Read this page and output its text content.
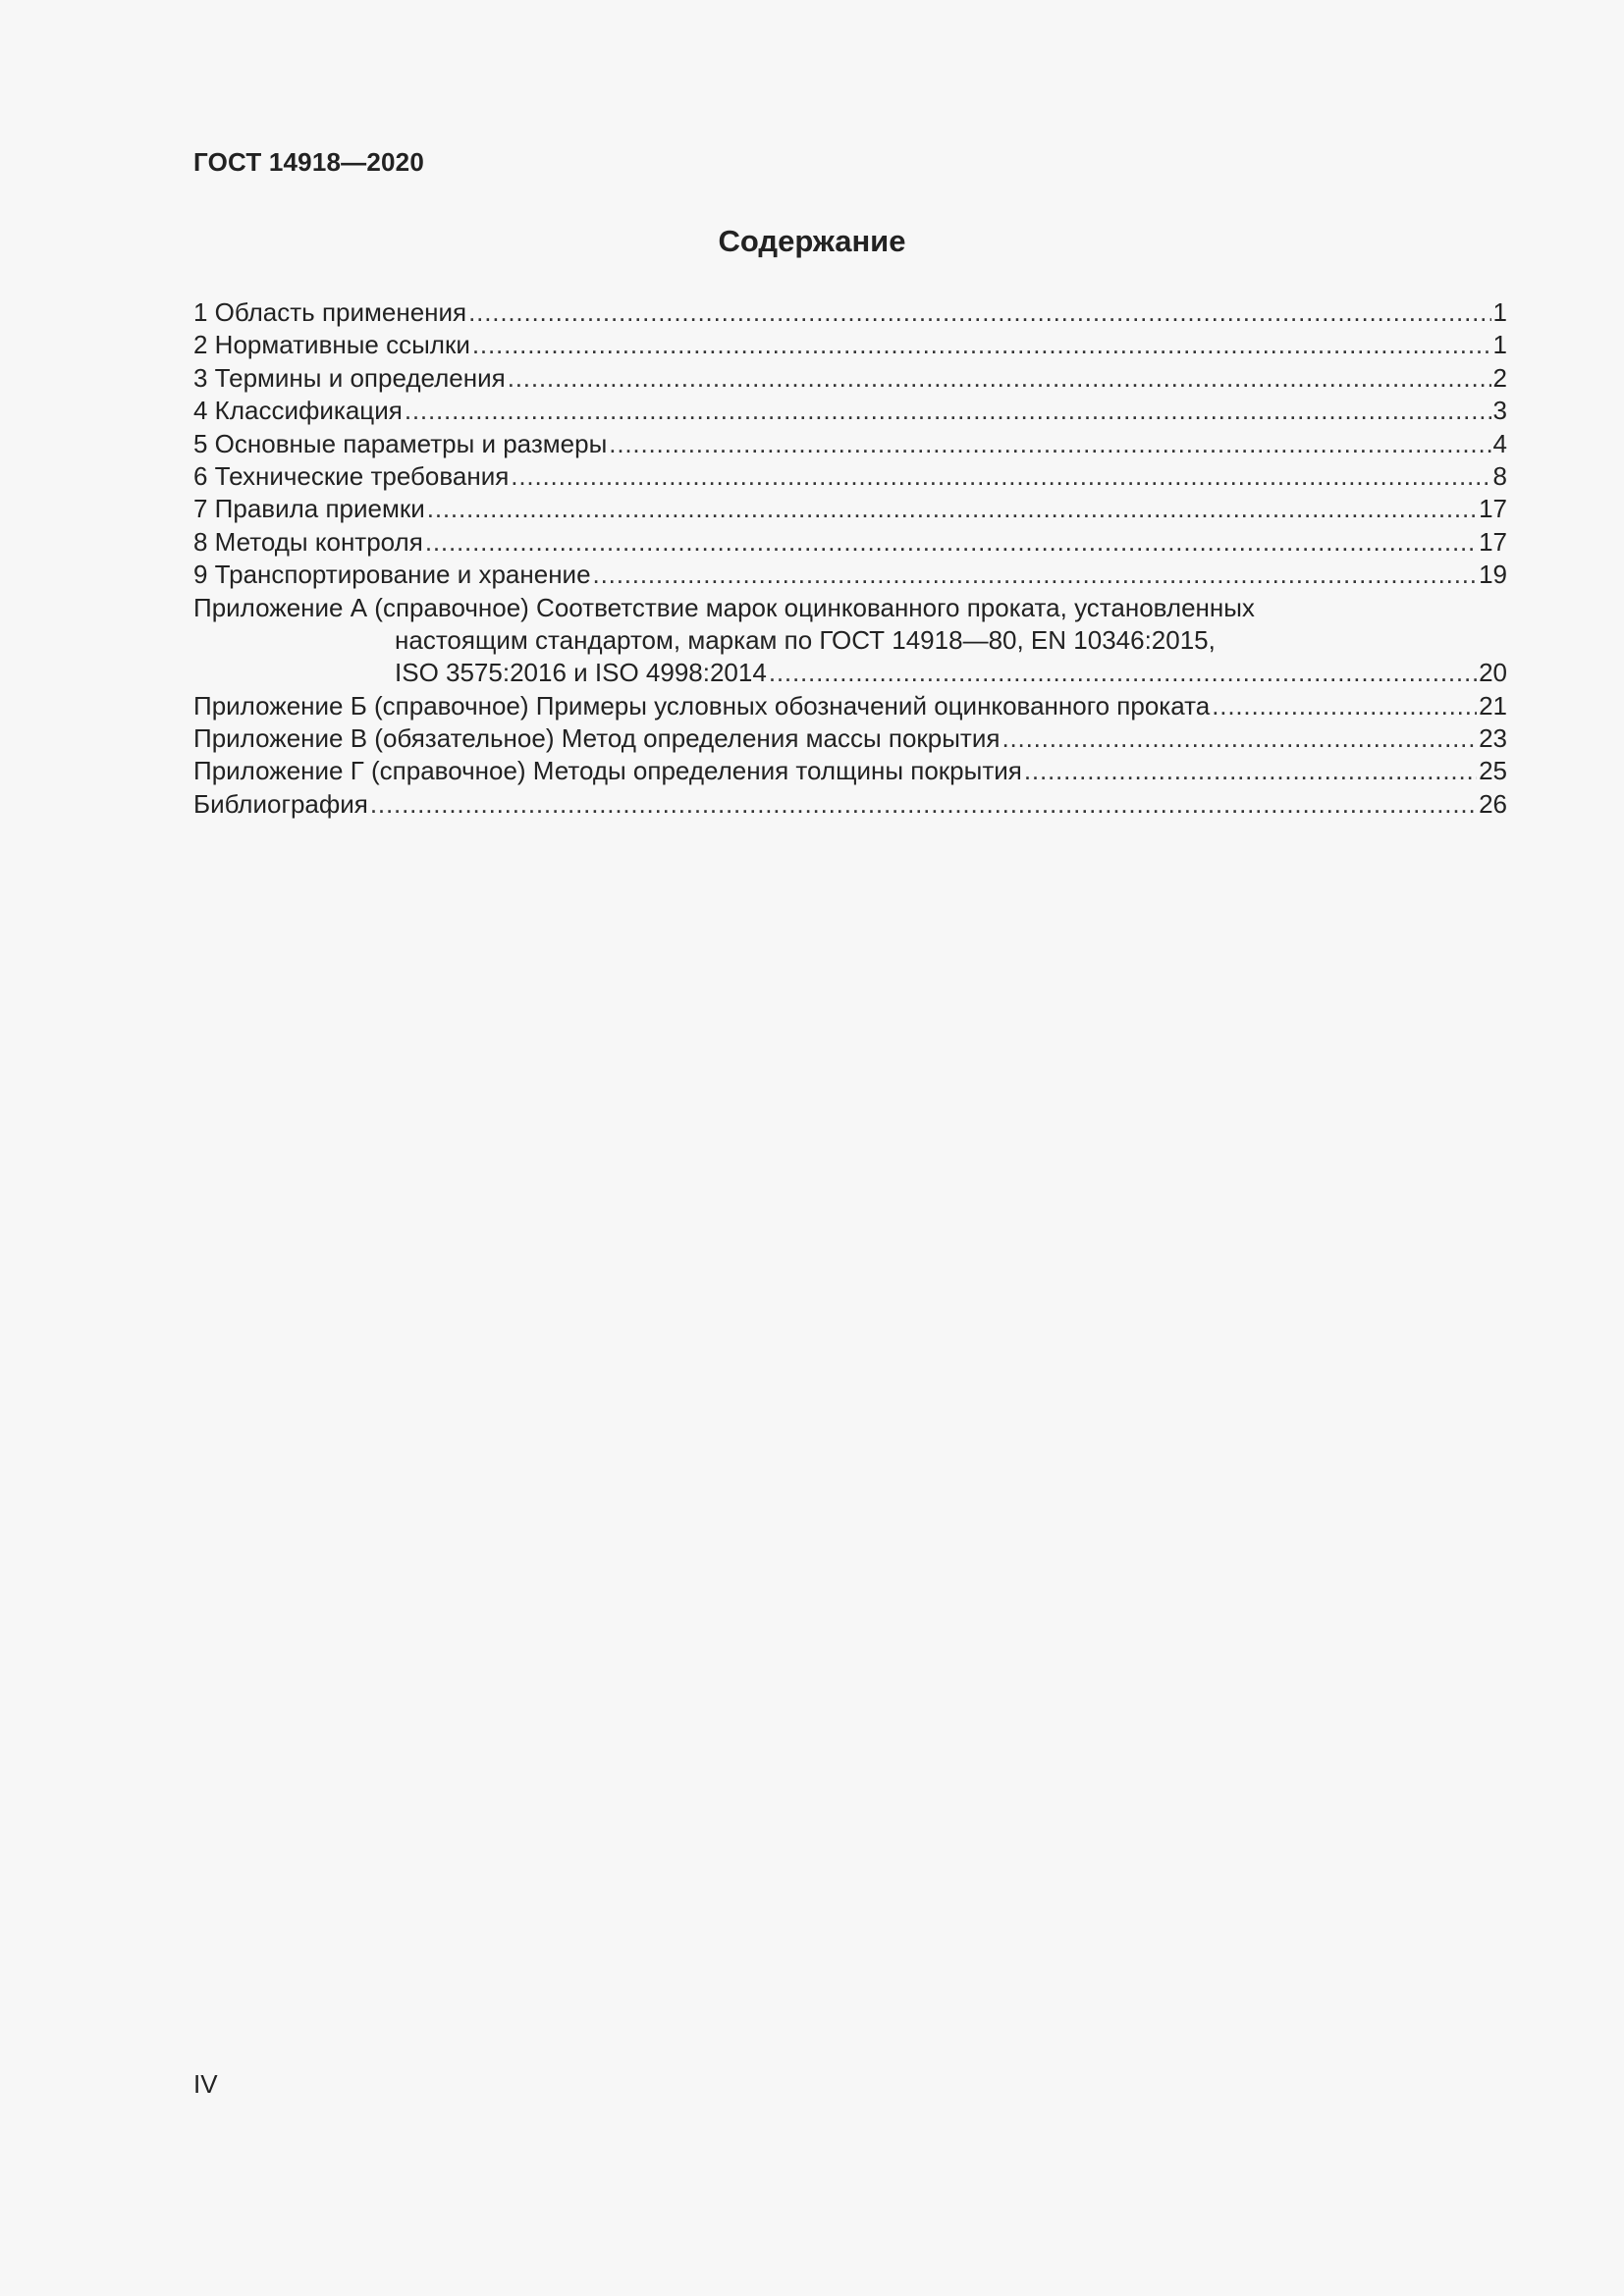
ГОСТ 14918—2020

Содержание
1 Область применения . . .	1
2 Нормативные ссылки . . .	1
3 Термины и определения . . .	2
4 Классификация . . .	3
5 Основные параметры и размеры . . .	4
6 Технические требования . . .	8
7 Правила приемки . . .	17
8 Методы контроля . . .	17
9 Транспортирование и хранение . . .	19
Приложение А (справочное) Соответствие марок оцинкованного проката, установленных
настоящим стандартом, маркам по ГОСТ 14918—80, EN 10346:2015,
ISO 3575:2016 и ISO 4998:2014 . . .	20
Приложение Б (справочное) Примеры условных обозначений оцинкованного проката . . .	21
Приложение В (обязательное) Метод определения массы покрытия . . .	23
Приложение Г (справочное) Методы определения толщины покрытия . . .	25
Библиография . . .	26

IV
